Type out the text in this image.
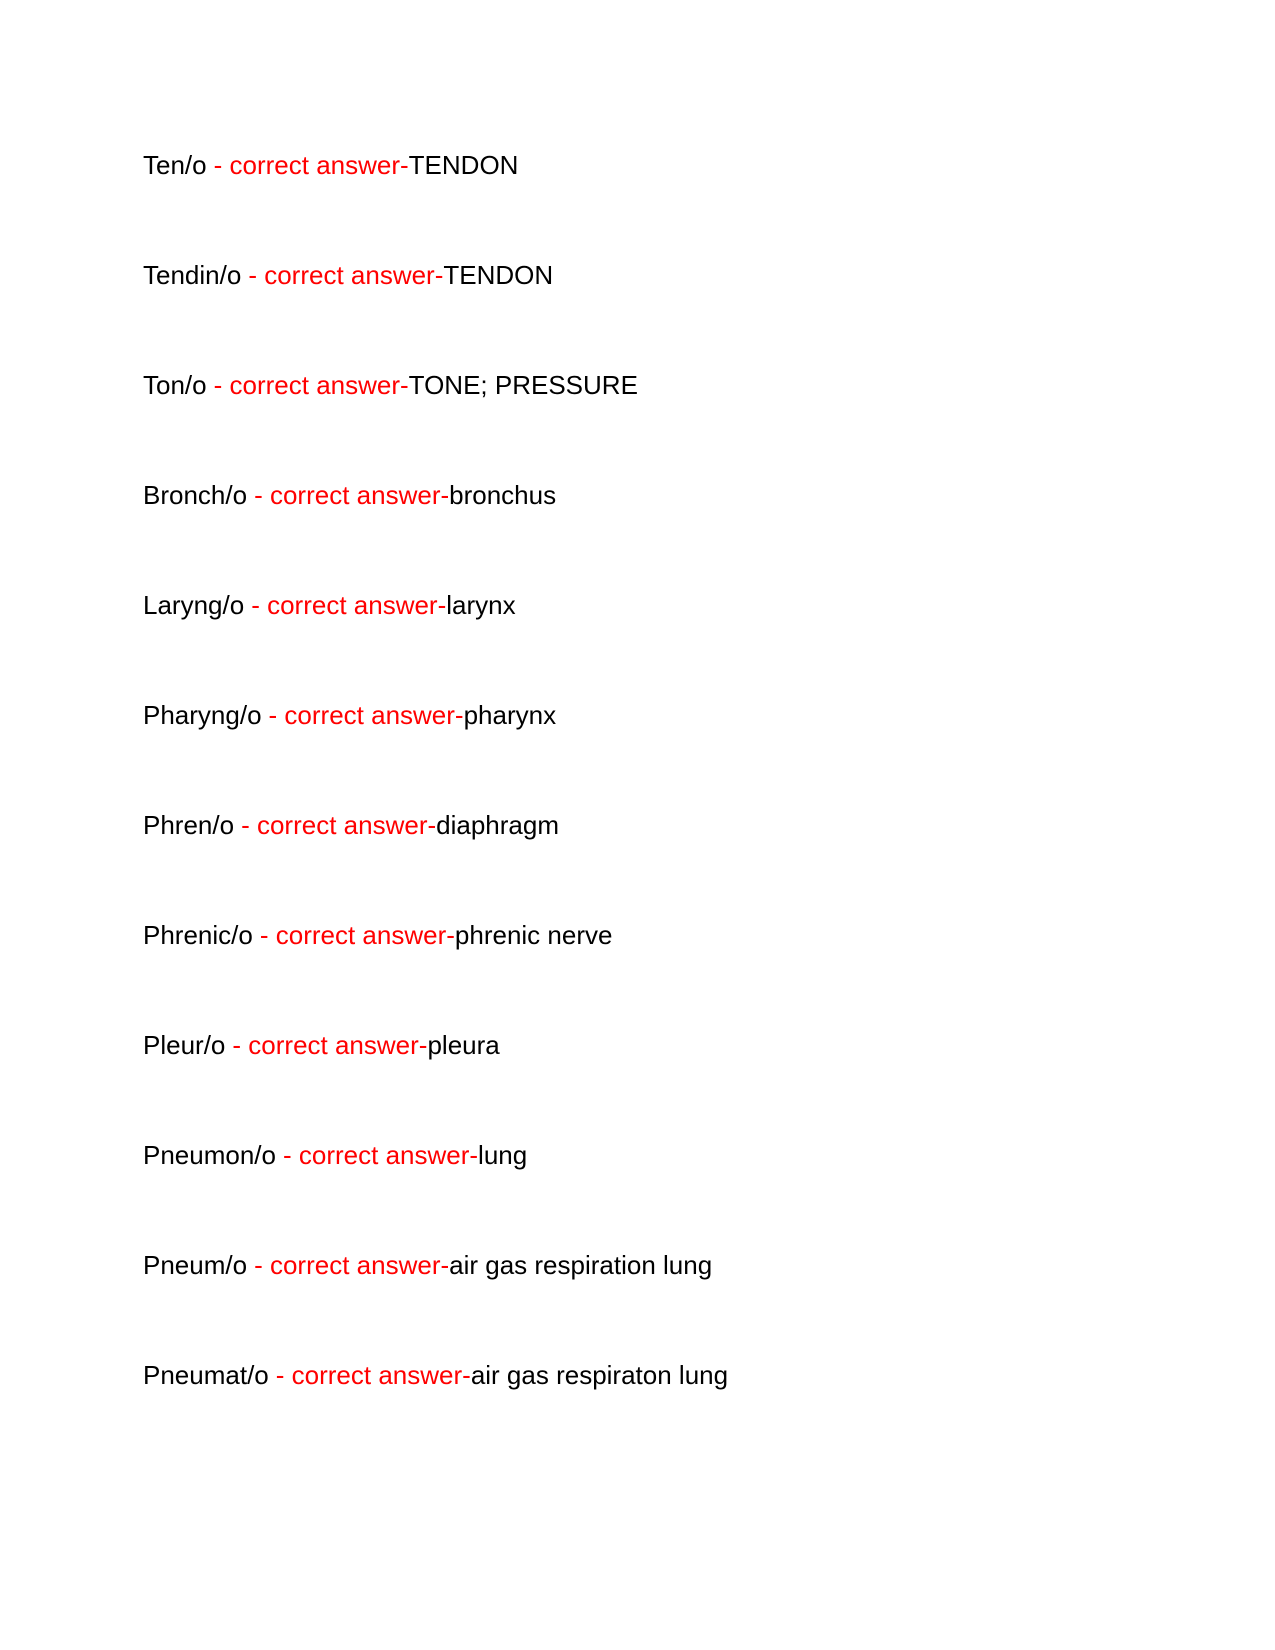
Ten/o - correct answer-TENDON

Tendin/o - correct answer-TENDON

Ton/o - correct answer-TONE; PRESSURE

Bronch/o - correct answer-bronchus

Laryng/o - correct answer-larynx

Pharyng/o - correct answer-pharynx

Phren/o - correct answer-diaphragm

Phrenic/o - correct answer-phrenic nerve

Pleur/o - correct answer-pleura

Pneumon/o - correct answer-lung

Pneum/o - correct answer-air gas respiration lung

Pneumat/o - correct answer-air gas respiraton lung
